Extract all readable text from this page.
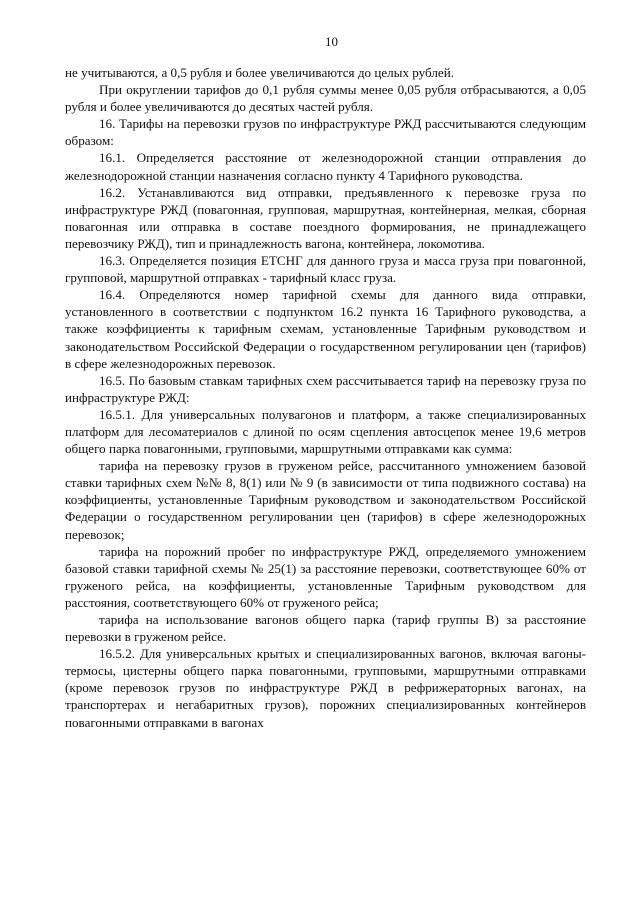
10

не учитываются, а 0,5 рубля и более увеличиваются до целых рублей.

При округлении тарифов до 0,1 рубля суммы менее 0,05 рубля отбрасываются, а 0,05 рубля и более увеличиваются до десятых частей рубля.

16. Тарифы на перевозки грузов по инфраструктуре РЖД рассчитываются следующим образом:

16.1. Определяется расстояние от железнодорожной станции отправления до железнодорожной станции назначения согласно пункту 4 Тарифного руководства.

16.2. Устанавливаются вид отправки, предъявленного к перевозке груза по инфраструктуре РЖД (повагонная, групповая, маршрутная, контейнерная, мелкая, сборная повагонная или отправка в составе поездного формирования, не принадлежащего перевозчику РЖД), тип и принадлежность вагона, контейнера, локомотива.

16.3. Определяется позиция ЕТСНГ для данного груза и масса груза при повагонной, групповой, маршрутной отправках - тарифный класс груза.

16.4. Определяются номер тарифной схемы для данного вида отправки, установленного в соответствии с подпунктом 16.2 пункта 16 Тарифного руководства, а также коэффициенты к тарифным схемам, установленные Тарифным руководством и законодательством Российской Федерации о государственном регулировании цен (тарифов) в сфере железнодорожных перевозок.

16.5. По базовым ставкам тарифных схем рассчитывается тариф на перевозку груза по инфраструктуре РЖД:

16.5.1. Для универсальных полувагонов и платформ, а также специализированных платформ для лесоматериалов с длиной по осям сцепления автосцепок менее 19,6 метров общего парка повагонными, групповыми, маршрутными отправками как сумма:

тарифа на перевозку грузов в груженом рейсе, рассчитанного умножением базовой ставки тарифных схем №№ 8, 8(1) или № 9 (в зависимости от типа подвижного состава) на коэффициенты, установленные Тарифным руководством и законодательством Российской Федерации о государственном регулировании цен (тарифов) в сфере железнодорожных перевозок;

тарифа на порожний пробег по инфраструктуре РЖД, определяемого умножением базовой ставки тарифной схемы № 25(1) за расстояние перевозки, соответствующее 60% от груженого рейса, на коэффициенты, установленные Тарифным руководством для расстояния, соответствующего 60% от груженого рейса;

тарифа на использование вагонов общего парка (тариф группы В) за расстояние перевозки в груженом рейсе.

16.5.2. Для универсальных крытых и специализированных вагонов, включая вагоны-термосы, цистерны общего парка повагонными, групповыми, маршрутными отправками (кроме перевозок грузов по инфраструктуре РЖД в рефрижераторных вагонах, на транспортерах и негабаритных грузов), порожних специализированных контейнеров повагонными отправками в вагонах
